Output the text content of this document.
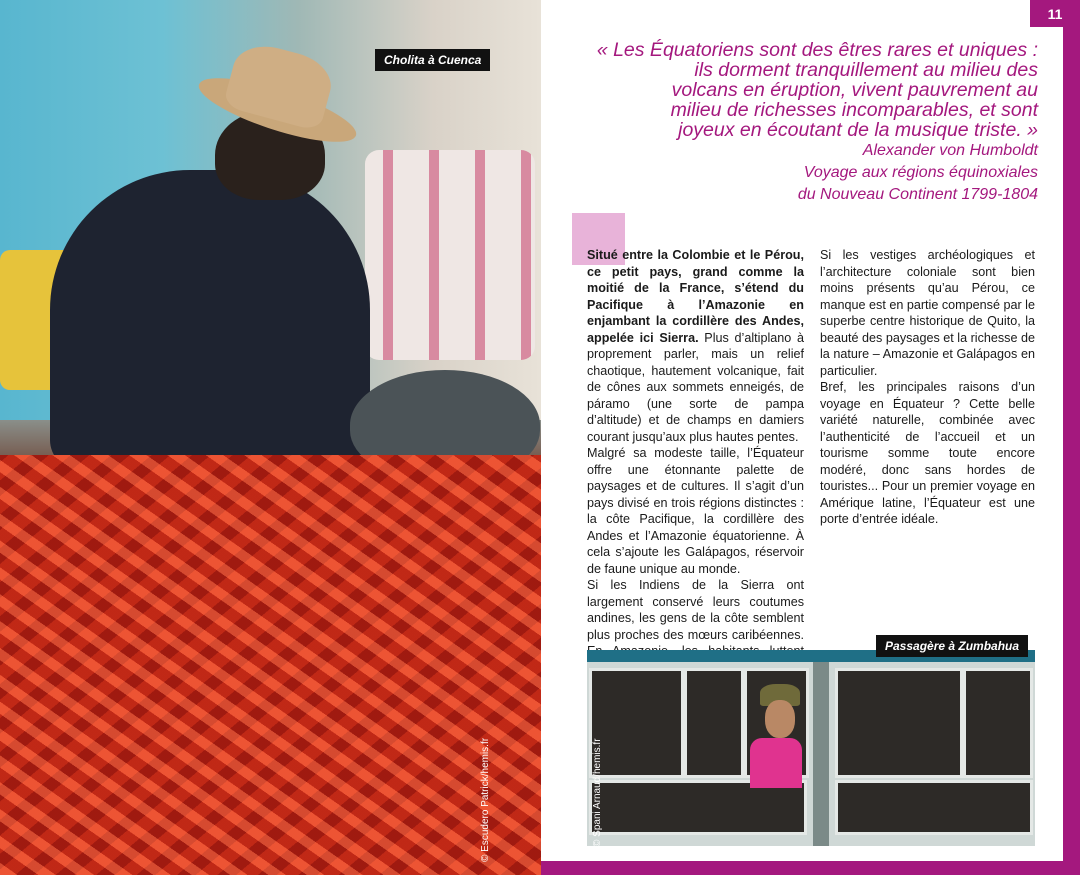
© Escudero Patrick/hemis.fr
Cholita à Cuenca
11
« Les Équatoriens sont des êtres rares et uniques :
ils dorment tranquillement au milieu des
volcans en éruption, vivent pauvrement au
milieu de richesses incomparables, et sont
joyeux en écoutant de la musique triste. »
Alexander von Humboldt
Voyage aux régions équinoxiales
du Nouveau Continent 1799-1804

Situé entre la Colombie et le Pérou, ce petit pays, grand comme la moitié de la France, s’étend du Pacifique à l’Amazonie en enjambant la cordillère des Andes, appelée ici Sierra. Plus d’altiplano à proprement parler, mais un relief chaotique, hautement volcanique, fait de cônes aux sommets enneigés, de páramo (une sorte de pampa d’altitude) et de champs en damiers courant jusqu’aux plus hautes pentes.

Malgré sa modeste taille, l’Équateur offre une étonnante palette de paysages et de cultures. Il s’agit d’un pays divisé en trois régions distinctes : la côte Pacifique, la cordillère des Andes et l’Amazonie équatorienne. À cela s’ajoute les Galápagos, réservoir de faune unique au monde.

Si les Indiens de la Sierra ont largement conservé leurs coutumes andines, les gens de la côte semblent plus proches des mœurs caribéennes.

Si les vestiges archéologiques et l’architecture coloniale sont bien moins présents qu’au Pérou, ce manque est en partie compensé par le superbe centre historique de Quito, la beauté des paysages et la richesse de la nature – Amazonie et Galápagos en particulier.

Bref, les principales raisons d’un voyage en Équateur ? Cette belle variété naturelle, combinée avec l’authenticité de l’accueil et un tourisme somme toute encore modéré, donc sans hordes de touristes... Pour un premier voyage en Amérique latine, l’Équateur est une porte d’entrée idéale.

Passagère à Zumbahua
© Spani Arnaud/hemis.fr
